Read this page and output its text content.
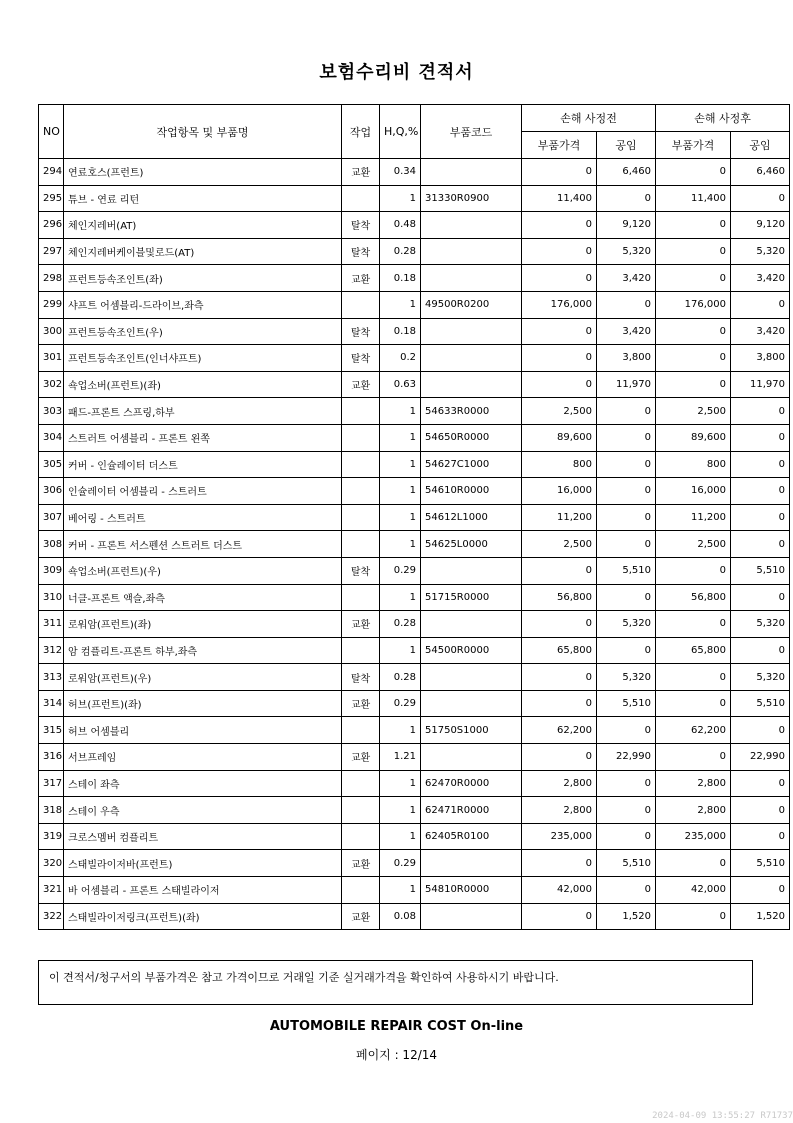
보험수리비 견적서
NO	작업항목 및 부품명	작업	H,Q,%	부품코드	손해 사정전		손해 사정후	
					부품가격	공임	부품가격	공임
294	연료호스(프런트)	교환	0.34		0	6,460	0	6,460
295	튜브 - 연료 리턴		1	31330R0900	11,400	0	11,400	0
296	체인지레버(AT)	탈착	0.48		0	9,120	0	9,120
297	체인지레버케이블및로드(AT)	탈착	0.28		0	5,320	0	5,320
298	프런트등속조인트(좌)	교환	0.18		0	3,420	0	3,420
299	샤프트 어셈블리-드라이브,좌측		1	49500R0200	176,000	0	176,000	0
300	프런트등속조인트(우)	탈착	0.18		0	3,420	0	3,420
301	프런트등속조인트(인너샤프트)	탈착	0.2		0	3,800	0	3,800
302	쇽업소버(프런트)(좌)	교환	0.63		0	11,970	0	11,970
303	패드-프론트 스프링,하부		1	54633R0000	2,500	0	2,500	0
304	스트러트 어셈블리 - 프론트 왼쪽		1	54650R0000	89,600	0	89,600	0
305	커버 - 인슐레이터 더스트		1	54627C1000	800	0	800	0
306	인슐레이터 어셈블리 - 스트러트		1	54610R0000	16,000	0	16,000	0
307	베어링 - 스트러트		1	54612L1000	11,200	0	11,200	0
308	커버 - 프론트 서스펜션 스트러트 더스트		1	54625L0000	2,500	0	2,500	0
309	쇽업소버(프런트)(우)	탈착	0.29		0	5,510	0	5,510
310	너클-프론트 액슬,좌측		1	51715R0000	56,800	0	56,800	0
311	로워암(프런트)(좌)	교환	0.28		0	5,320	0	5,320
312	암 컴플리트-프론트 하부,좌측		1	54500R0000	65,800	0	65,800	0
313	로워암(프런트)(우)	탈착	0.28		0	5,320	0	5,320
314	허브(프런트)(좌)	교환	0.29		0	5,510	0	5,510
315	허브 어셈블리		1	51750S1000	62,200	0	62,200	0
316	서브프레임	교환	1.21		0	22,990	0	22,990
317	스테이 좌측		1	62470R0000	2,800	0	2,800	0
318	스테이 우측		1	62471R0000	2,800	0	2,800	0
319	크로스멤버 컴플리트		1	62405R0100	235,000	0	235,000	0
320	스태빌라이저바(프런트)	교환	0.29		0	5,510	0	5,510
321	바 어셈블리 - 프론트 스태빌라이저		1	54810R0000	42,000	0	42,000	0
322	스태빌라이저링크(프런트)(좌)	교환	0.08		0	1,520	0	1,520
이 견적서/청구서의 부품가격은 참고 가격이므로 거래일 기준 실거래가격을 확인하여 사용하시기 바랍니다.
AUTOMOBILE REPAIR COST On-line
페이지 : 12/14
2024-04-09 13:55:27 R71737
